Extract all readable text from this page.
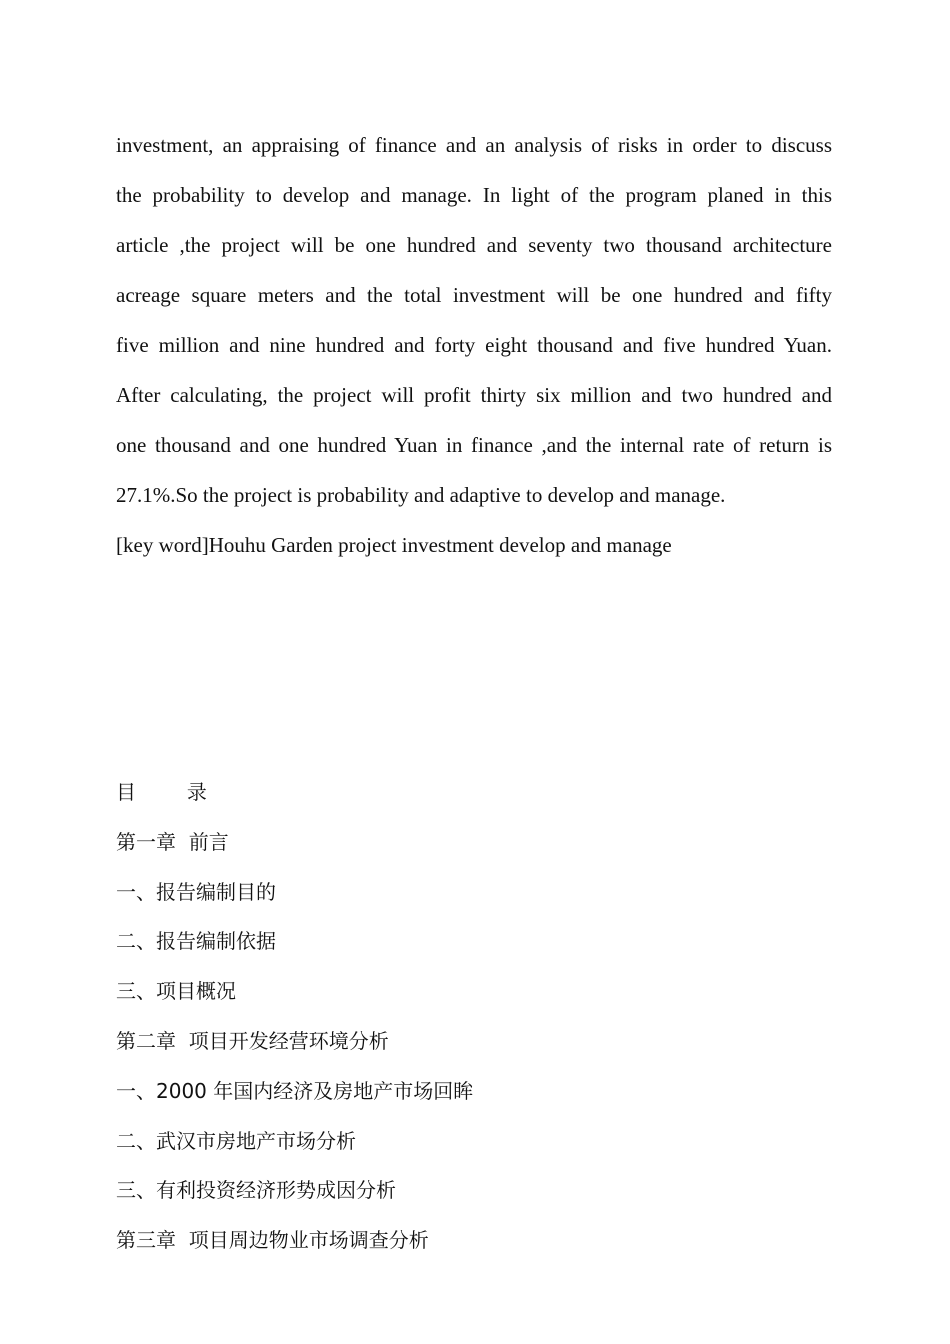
investment, an appraising of finance and an analysis of risks in order to discuss
the probability to develop and manage. In light of the program planed in this
article ,the project will be one hundred and seventy two thousand architecture
acreage square meters and the total investment will be one hundred and fifty
five million and nine hundred and forty eight thousand and five hundred Yuan.
After calculating, the project will profit thirty six million and two hundred and
one thousand and one hundred Yuan in finance ,and the internal rate of return is
27.1%.So the project is probability and adaptive to develop and manage.
[key word]Houhu Garden project investment develop and manage
目        录
第一章  前言
一、报告编制目的
二、报告编制依据
三、项目概况
第二章  项目开发经营环境分析
一、2000 年国内经济及房地产市场回眸
二、武汉市房地产市场分析
三、有利投资经济形势成因分析
第三章  项目周边物业市场调查分析
